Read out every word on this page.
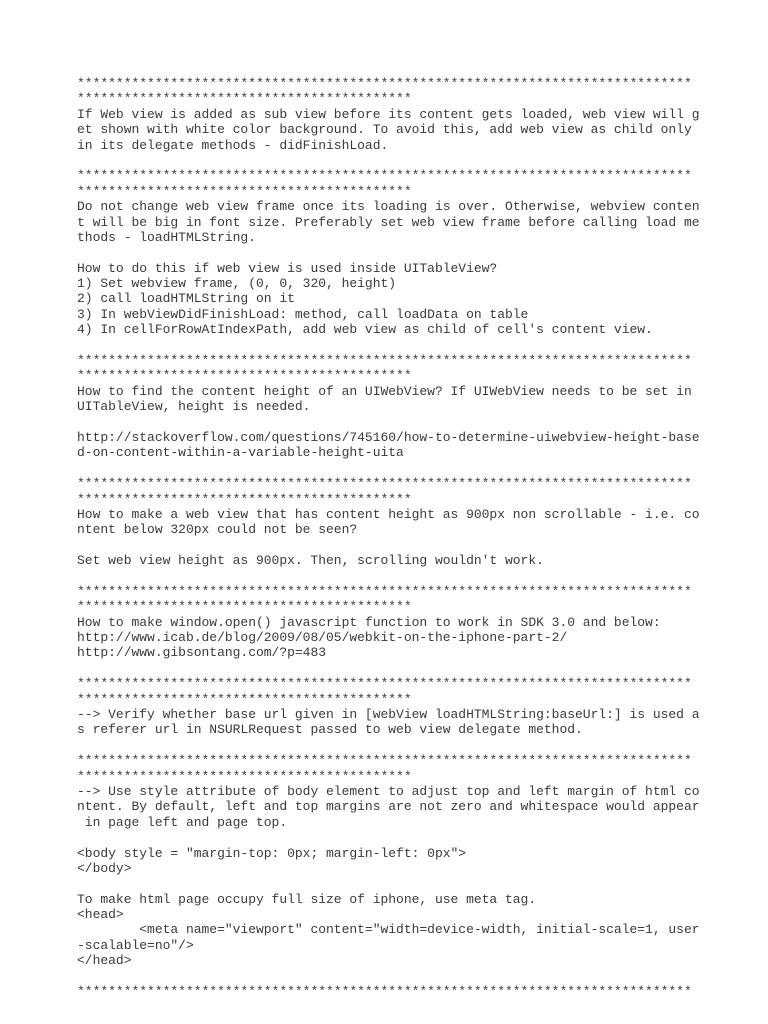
*******************************************************************************
*******************************************
If Web view is added as sub view before its content gets loaded, web view will g
et shown with white color background. To avoid this, add web view as child only
in its delegate methods - didFinishLoad.

*******************************************************************************
*******************************************
Do not change web view frame once its loading is over. Otherwise, webview conten
t will be big in font size. Preferably set web view frame before calling load me
thods - loadHTMLString.

How to do this if web view is used inside UITableView?
1) Set webview frame, (0, 0, 320, height)
2) call loadHTMLString on it
3) In webViewDidFinishLoad: method, call loadData on table
4) In cellForRowAtIndexPath, add web view as child of cell's content view.

*******************************************************************************
*******************************************
How to find the content height of an UIWebView? If UIWebView needs to be set in
UITableView, height is needed.

http://stackoverflow.com/questions/745160/how-to-determine-uiwebview-height-base
d-on-content-within-a-variable-height-uita

*******************************************************************************
*******************************************
How to make a web view that has content height as 900px non scrollable - i.e. co
ntent below 320px could not be seen?

Set web view height as 900px. Then, scrolling wouldn't work.

*******************************************************************************
*******************************************
How to make window.open() javascript function to work in SDK 3.0 and below:
http://www.icab.de/blog/2009/08/05/webkit-on-the-iphone-part-2/
http://www.gibsontang.com/?p=483

*******************************************************************************
*******************************************
--> Verify whether base url given in [webView loadHTMLString:baseUrl:] is used a
s referer url in NSURLRequest passed to web view delegate method.

*******************************************************************************
*******************************************
--> Use style attribute of body element to adjust top and left margin of html co
ntent. By default, left and top margins are not zero and whitespace would appear
in page left and page top.

<body style = "margin-top: 0px; margin-left: 0px">
</body>

To make html page occupy full size of iphone, use meta tag.
<head>
<meta name="viewport" content="width=device-width, initial-scale=1, user
-scalable=no"/>
</head>

*******************************************************************************
